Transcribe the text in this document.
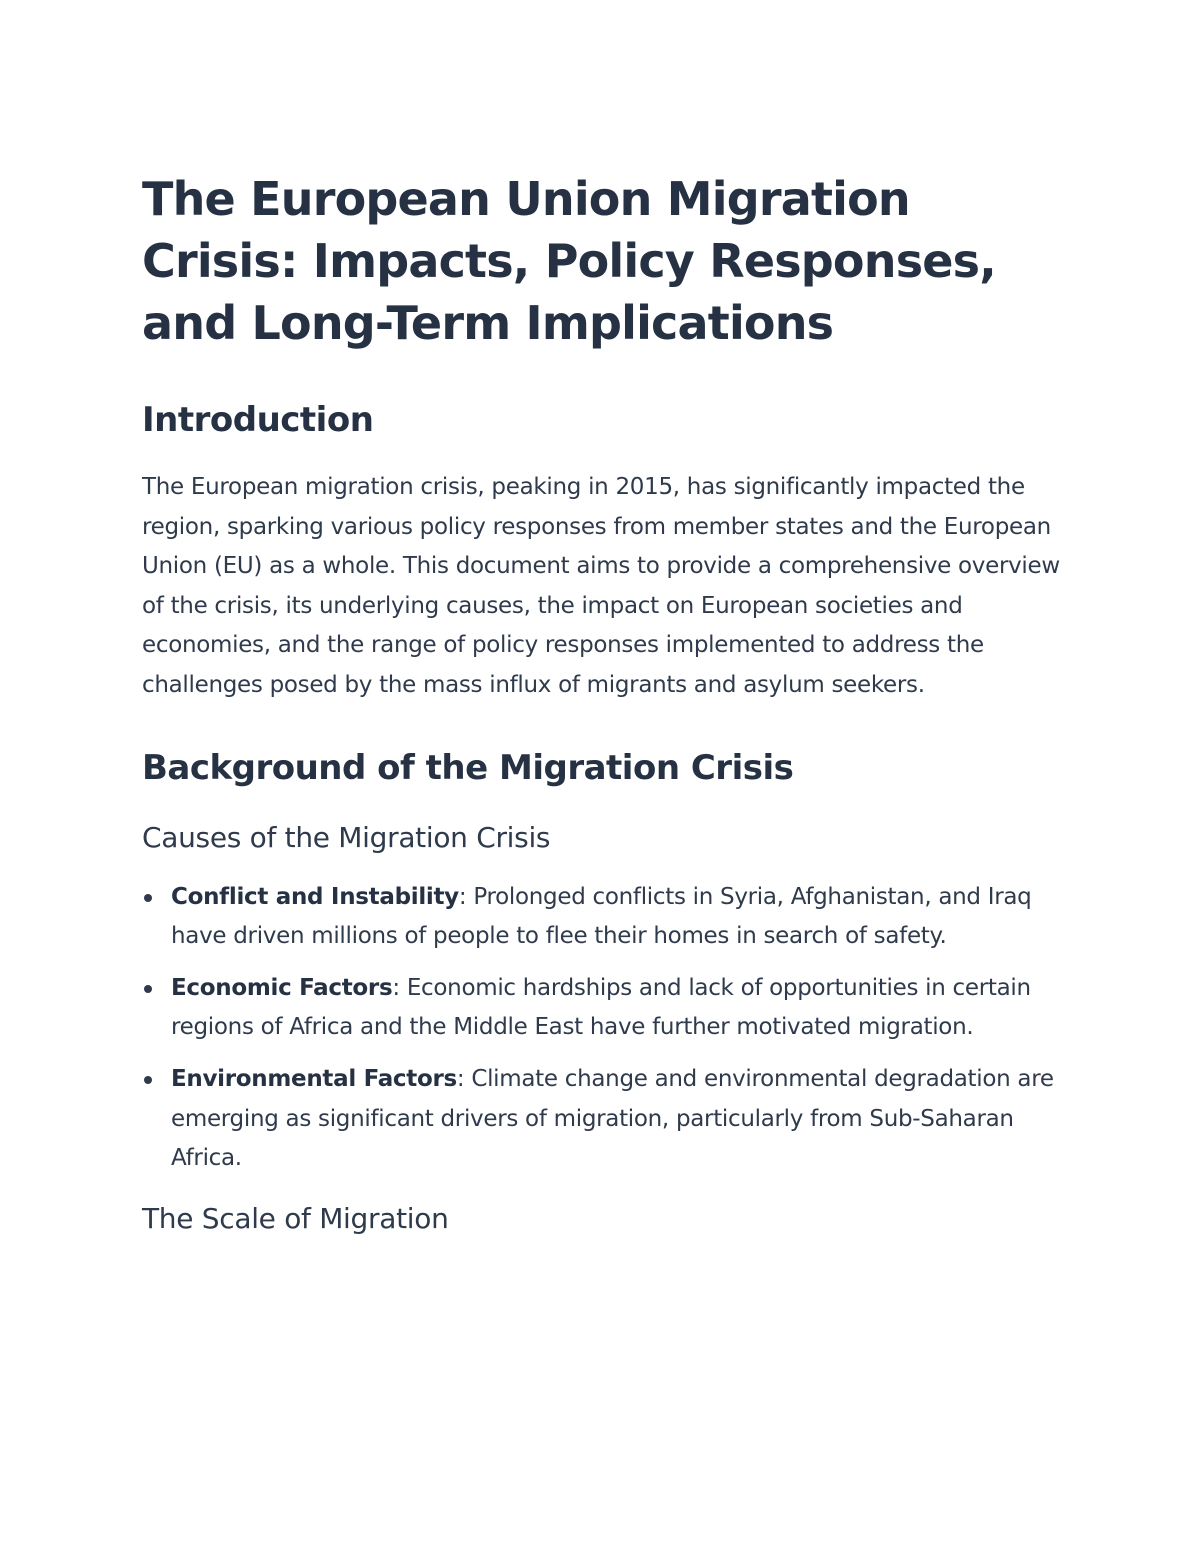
The European Union Migration Crisis: Impacts, Policy Responses, and Long-Term Implications
Introduction

The European migration crisis, peaking in 2015, has significantly impacted the region, sparking various policy responses from member states and the European Union (EU) as a whole. This document aims to provide a comprehensive overview of the crisis, its underlying causes, the impact on European societies and economies, and the range of policy responses implemented to address the challenges posed by the mass influx of migrants and asylum seekers.

Background of the Migration Crisis
Causes of the Migration Crisis
Conflict and Instability: Prolonged conflicts in Syria, Afghanistan, and Iraq have driven millions of people to flee their homes in search of safety.
Economic Factors: Economic hardships and lack of opportunities in certain regions of Africa and the Middle East have further motivated migration.
Environmental Factors: Climate change and environmental degradation are emerging as significant drivers of migration, particularly from Sub-Saharan Africa.
The Scale of Migration
